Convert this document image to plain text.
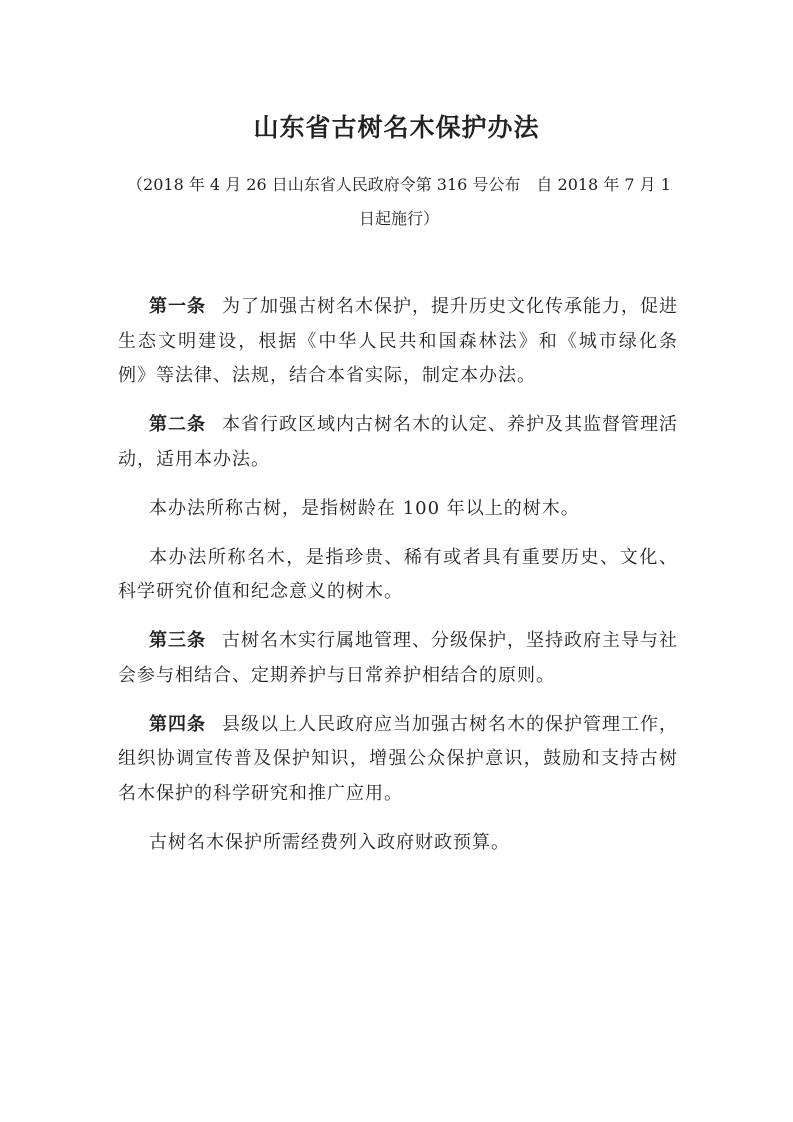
山东省古树名木保护办法

（2018 年 4 月 26 日山东省人民政府令第 316 号公布　自 2018 年 7 月 1 日起施行）

第一条 为了加强古树名木保护，提升历史文化传承能力，促进生态文明建设，根据《中华人民共和国森林法》和《城市绿化条例》等法律、法规，结合本省实际，制定本办法。

第二条 本省行政区域内古树名木的认定、养护及其监督管理活动，适用本办法。

本办法所称古树，是指树龄在 100 年以上的树木。

本办法所称名木，是指珍贵、稀有或者具有重要历史、文化、科学研究价值和纪念意义的树木。

第三条 古树名木实行属地管理、分级保护，坚持政府主导与社会参与相结合、定期养护与日常养护相结合的原则。

第四条 县级以上人民政府应当加强古树名木的保护管理工作，组织协调宣传普及保护知识，增强公众保护意识，鼓励和支持古树名木保护的科学研究和推广应用。

古树名木保护所需经费列入政府财政预算。
